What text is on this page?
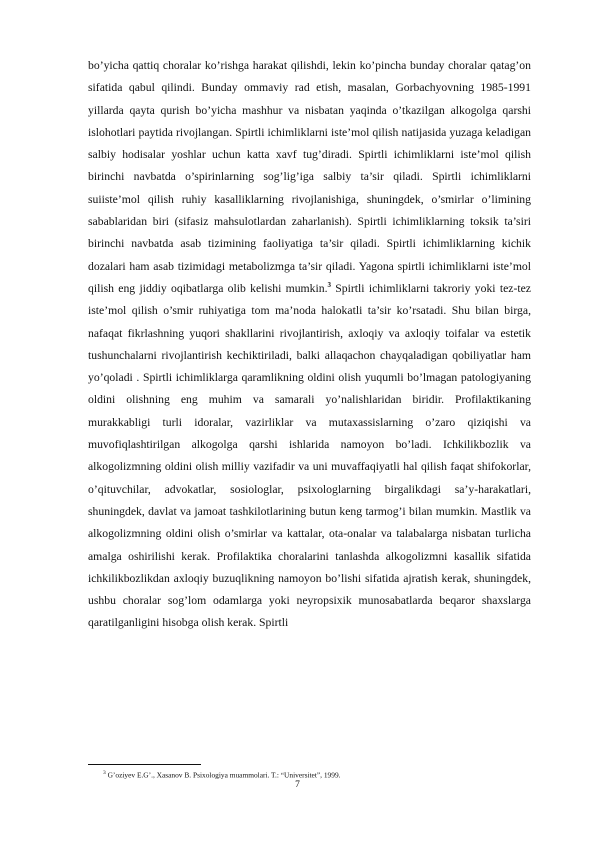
bo’yicha qattiq choralar ko’rishga harakat qilishdi, lekin ko’pincha bunday choralar qatag’on sifatida qabul qilindi. Bunday ommaviy rad etish, masalan, Gorbachyovning 1985-1991 yillarda qayta qurish bo’yicha mashhur va nisbatan yaqinda o’tkazilgan alkogolga qarshi islohotlari paytida rivojlangan. Spirtli ichimliklarni iste’mol qilish natijasida yuzaga keladigan salbiy hodisalar yoshlar uchun katta xavf tug’diradi. Spirtli ichimliklarni iste’mol qilish birinchi navbatda o’spirinlarning sog’lig’iga salbiy ta’sir qiladi. Spirtli ichimliklarni suiiste’mol qilish ruhiy kasalliklarning rivojlanishiga, shuningdek, o’smirlar o’limining sabablaridan biri (sifasiz mahsulotlardan zaharlanish). Spirtli ichimliklarning toksik ta’siri birinchi navbatda asab tizimining faoliyatiga ta’sir qiladi. Spirtli ichimliklarning kichik dozalari ham asab tizimidagi metabolizmga ta’sir qiladi. Yagona spirtli ichimliklarni iste’mol qilish eng jiddiy oqibatlarga olib kelishi mumkin.$^3$ Spirtli ichimliklarni takroriy yoki tez-tez iste’mol qilish o’smir ruhiyatiga tom ma’noda halokatli ta’sir ko’rsatadi. Shu bilan birga, nafaqat fikrlashning yuqori shakllarini rivojlantirish, axloqiy va axloqiy toifalar va estetik tushunchalarni rivojlantirish kechiktiriladi, balki allaqachon chayqaladigan qobiliyatlar ham yo’qoladi . Spirtli ichimliklarga qaramlikning oldini olish yuqumli bo’lmagan patologiyaning oldini olishning eng muhim va samarali yo’nalishlaridan biridir. Profilaktikaning murakkabligi turli idoralar, vazirliklar va mutaxassislarning o’zaro qiziqishi va muvofiqlashtirilgan alkogolga qarshi ishlarida namoyon bo’ladi. Ichkilikbozlik va alkogolizmning oldini olish milliy vazifadir va uni muvaffaqiyatli hal qilish faqat shifokorlar, o’qituvchilar, advokatlar, sosiologlar, psixologlarning birgalikdagi sa’y-harakatlari, shuningdek, davlat va jamoat tashkilotlarining butun keng tarmog’i bilan mumkin. Mastlik va alkogolizmning oldini olish o’smirlar va kattalar, ota-onalar va talabalarga nisbatan turlicha amalga oshirilishi kerak. Profilaktika choralarini tanlashda alkogolizmni kasallik sifatida ichkilikbozlikdan axloqiy buzuqlikning namoyon bo’lishi sifatida ajratish kerak, shuningdek, ushbu choralar sog’lom odamlarga yoki neyropsixik munosabatlarda beqaror shaxslarga qaratilganligini hisobga olish kerak. Spirtli

$^3$ G’oziyev E.G’., Xasanov B. Psixologiya muammolari. T.: “Universitet”, 1999.

7
